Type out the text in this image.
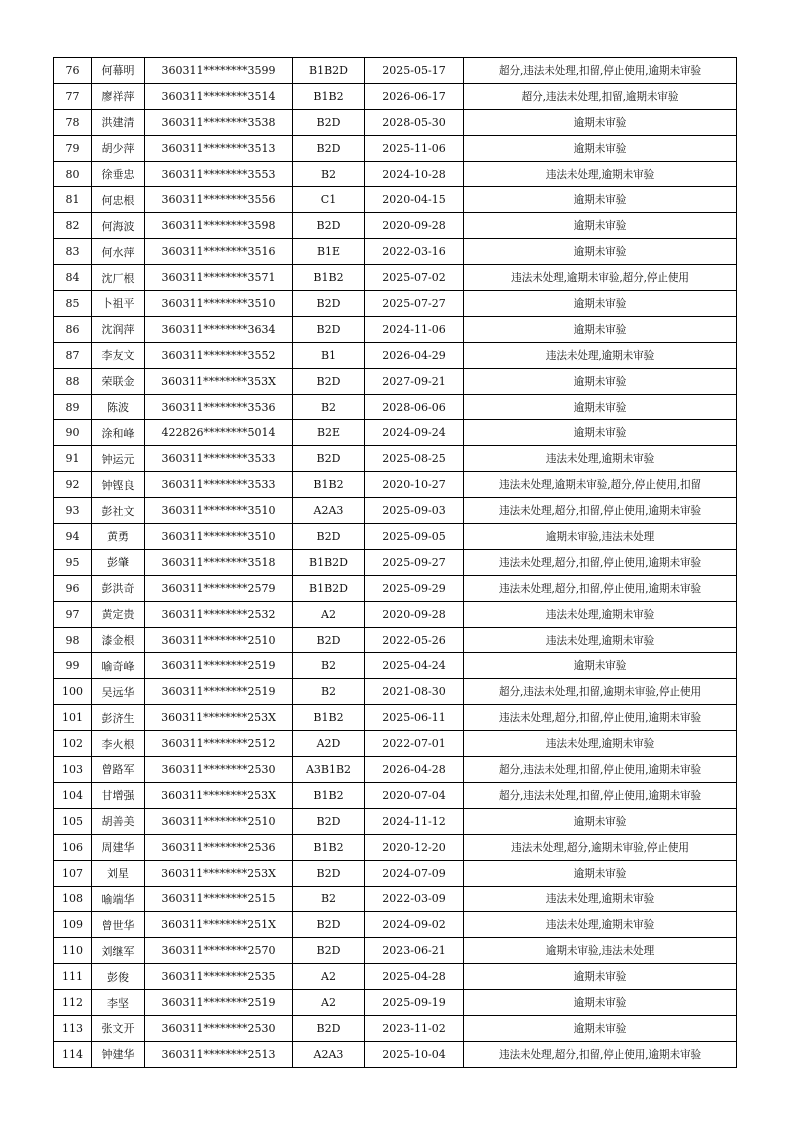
76	何幕明	360311********3599	B1B2D	2025-05-17	超分,违法未处理,扣留,停止使用,逾期未审验
77	廖祥萍	360311********3514	B1B2	2026-06-17	超分,违法未处理,扣留,逾期未审验
78	洪建清	360311********3538	B2D	2028-05-30	逾期未审验
79	胡少萍	360311********3513	B2D	2025-11-06	逾期未审验
80	徐垂忠	360311********3553	B2	2024-10-28	违法未处理,逾期未审验
81	何忠根	360311********3556	C1	2020-04-15	逾期未审验
82	何海波	360311********3598	B2D	2020-09-28	逾期未审验
83	何水萍	360311********3516	B1E	2022-03-16	逾期未审验
84	沈厂根	360311********3571	B1B2	2025-07-02	违法未处理,逾期未审验,超分,停止使用
85	卜祖平	360311********3510	B2D	2025-07-27	逾期未审验
86	沈润萍	360311********3634	B2D	2024-11-06	逾期未审验
87	李友文	360311********3552	B1	2026-04-29	违法未处理,逾期未审验
88	荣联金	360311********353X	B2D	2027-09-21	逾期未审验
89	陈波	360311********3536	B2	2028-06-06	逾期未审验
90	涂和峰	422826********5014	B2E	2024-09-24	逾期未审验
91	钟运元	360311********3533	B2D	2025-08-25	违法未处理,逾期未审验
92	钟铿良	360311********3533	B1B2	2020-10-27	违法未处理,逾期未审验,超分,停止使用,扣留
93	彭社文	360311********3510	A2A3	2025-09-03	违法未处理,超分,扣留,停止使用,逾期未审验
94	黄勇	360311********3510	B2D	2025-09-05	逾期未审验,违法未处理
95	彭肇	360311********3518	B1B2D	2025-09-27	违法未处理,超分,扣留,停止使用,逾期未审验
96	彭洪奇	360311********2579	B1B2D	2025-09-29	违法未处理,超分,扣留,停止使用,逾期未审验
97	黄定贵	360311********2532	A2	2020-09-28	违法未处理,逾期未审验
98	漆金根	360311********2510	B2D	2022-05-26	违法未处理,逾期未审验
99	喻奇峰	360311********2519	B2	2025-04-24	逾期未审验
100	吴远华	360311********2519	B2	2021-08-30	超分,违法未处理,扣留,逾期未审验,停止使用
101	彭济生	360311********253X	B1B2	2025-06-11	违法未处理,超分,扣留,停止使用,逾期未审验
102	李火根	360311********2512	A2D	2022-07-01	违法未处理,逾期未审验
103	曾路军	360311********2530	A3B1B2	2026-04-28	超分,违法未处理,扣留,停止使用,逾期未审验
104	甘增强	360311********253X	B1B2	2020-07-04	超分,违法未处理,扣留,停止使用,逾期未审验
105	胡善美	360311********2510	B2D	2024-11-12	逾期未审验
106	周建华	360311********2536	B1B2	2020-12-20	违法未处理,超分,逾期未审验,停止使用
107	刘星	360311********253X	B2D	2024-07-09	逾期未审验
108	喻端华	360311********2515	B2	2022-03-09	违法未处理,逾期未审验
109	曾世华	360311********251X	B2D	2024-09-02	违法未处理,逾期未审验
110	刘继军	360311********2570	B2D	2023-06-21	逾期未审验,违法未处理
111	彭俊	360311********2535	A2	2025-04-28	逾期未审验
112	李坚	360311********2519	A2	2025-09-19	逾期未审验
113	张文开	360311********2530	B2D	2023-11-02	逾期未审验
114	钟建华	360311********2513	A2A3	2025-10-04	违法未处理,超分,扣留,停止使用,逾期未审验
